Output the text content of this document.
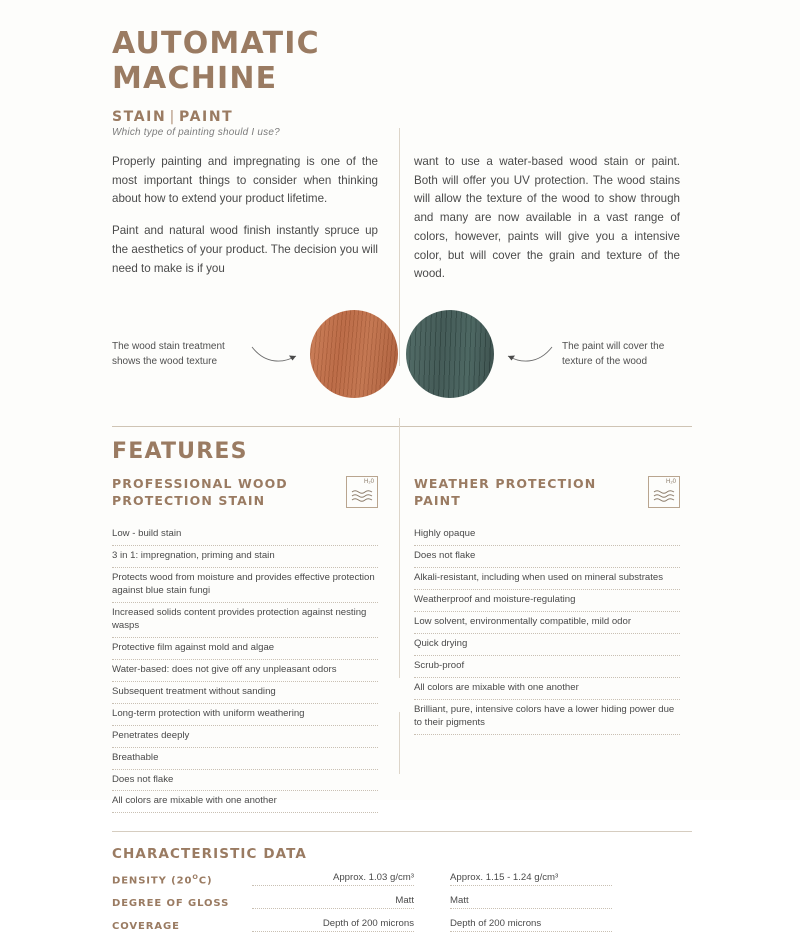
AUTOMATIC
MACHINE
STAIN | PAINT
Which type of painting should I use?

Properly painting and impregnating is one of the most important things to consider when thinking about how to extend your product lifetime.

Paint and natural wood finish instantly spruce up the aesthetics of your product. The decision you will need to make is if you

want to use a water-based wood stain or paint. Both will offer you UV protection. The wood stains will allow the texture of the wood to show through and many are now available in a vast range of colors, however, paints will give you a intensive color, but will cover the grain and texture of the wood.

The wood stain treatment shows the wood texture
The paint will cover the texture of the wood
FEATURES
PROFESSIONAL WOOD PROTECTION STAIN
H₂0
Low - build stain
3 in 1: impregnation, priming and stain
Protects wood from moisture and provides effective protection against blue stain fungi
Increased solids content provides protection against nesting wasps
Protective film against mold and algae
Water-based: does not give off any unpleasant odors
Subsequent treatment without sanding
Long-term protection with uniform weathering
Penetrates deeply
Breathable
Does not flake
All colors are mixable with one another
WEATHER PROTECTION PAINT
H₂0
Highly opaque
Does not flake
Alkali-resistant, including when used on mineral substrates
Weatherproof and moisture-regulating
Low solvent, environmentally compatible, mild odor
Quick drying
Scrub-proof
All colors are mixable with one another
Brilliant, pure, intensive colors have a lower hiding power due to their pigments
CHARACTERISTIC DATA
DENSITY $(20^OC)$	Approx. 1.03 g/cm³	Approx. 1.15 - 1.24 g/cm³
DEGREE OF GLOSS	Matt	Matt
COVERAGE	Depth of 200 microns	Depth of 200 microns
